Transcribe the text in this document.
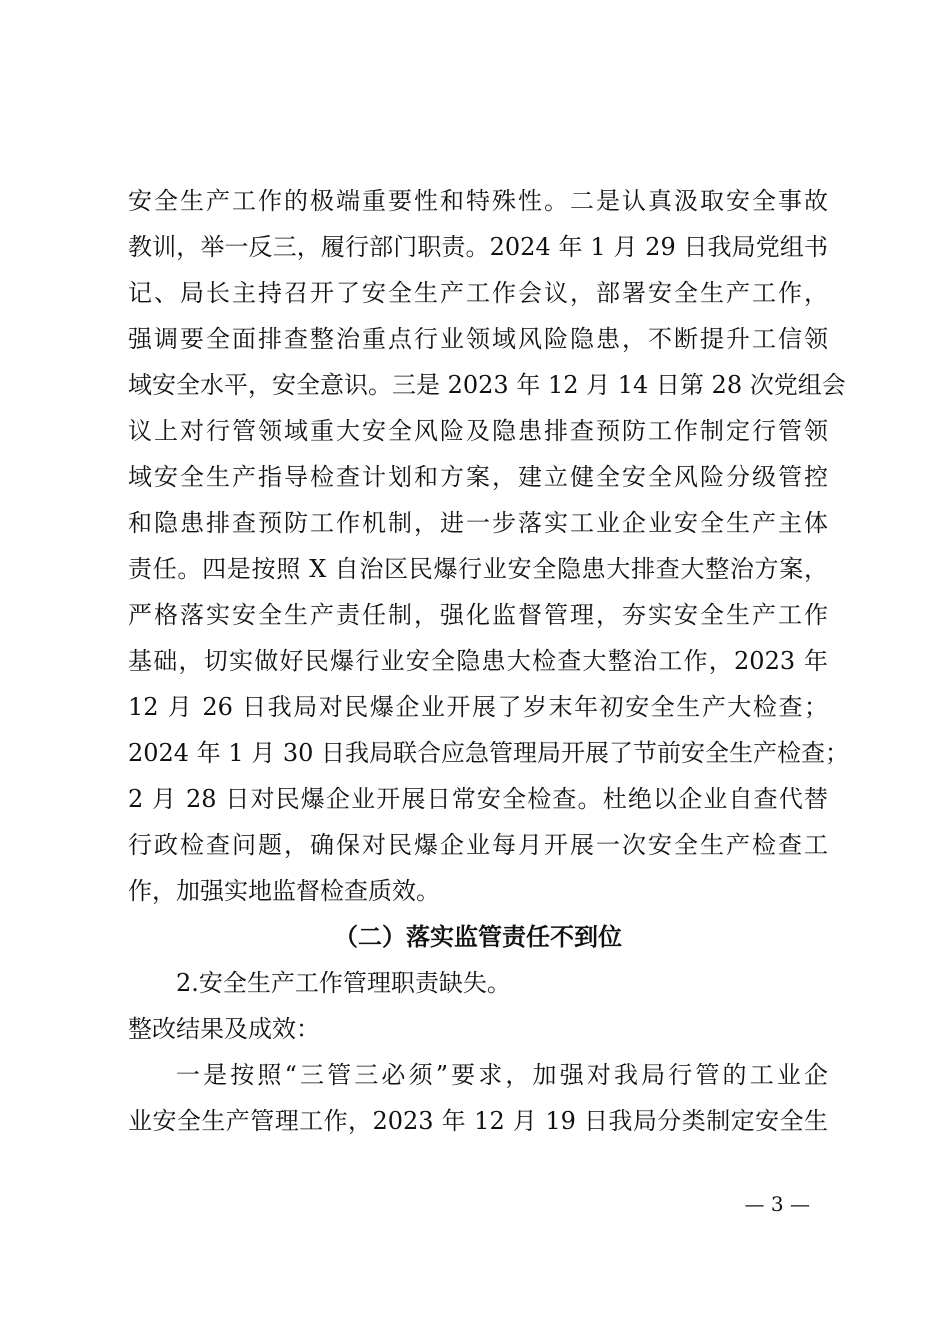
安全生产工作的极端重要性和特殊性。二是认真汲取安全事故
教训，举一反三，履行部门职责。2024 年 1 月 29 日我局党组书
记、局长主持召开了安全生产工作会议，部署安全生产工作，
强调要全面排查整治重点行业领域风险隐患，不断提升工信领
域安全水平，安全意识。三是 2023 年 12 月 14 日第 28 次党组会
议上对行管领域重大安全风险及隐患排查预防工作制定行管领
域安全生产指导检查计划和方案，建立健全安全风险分级管控
和隐患排查预防工作机制，进一步落实工业企业安全生产主体
责任。四是按照 X 自治区民爆行业安全隐患大排查大整治方案，
严格落实安全生产责任制，强化监督管理，夯实安全生产工作
基础，切实做好民爆行业安全隐患大检查大整治工作，2023 年
12 月 26 日我局对民爆企业开展了岁末年初安全生产大检查；
2024 年 1 月 30 日我局联合应急管理局开展了节前安全生产检查；
2 月 28 日对民爆企业开展日常安全检查。杜绝以企业自查代替
行政检查问题，确保对民爆企业每月开展一次安全生产检查工
作，加强实地监督检查质效。
（二）落实监管责任不到位
2.安全生产工作管理职责缺失。
整改结果及成效：
一是按照“三管三必须”要求，加强对我局行管的工业企
业安全生产管理工作，2023 年 12 月 19 日我局分类制定安全生
— 3 —
